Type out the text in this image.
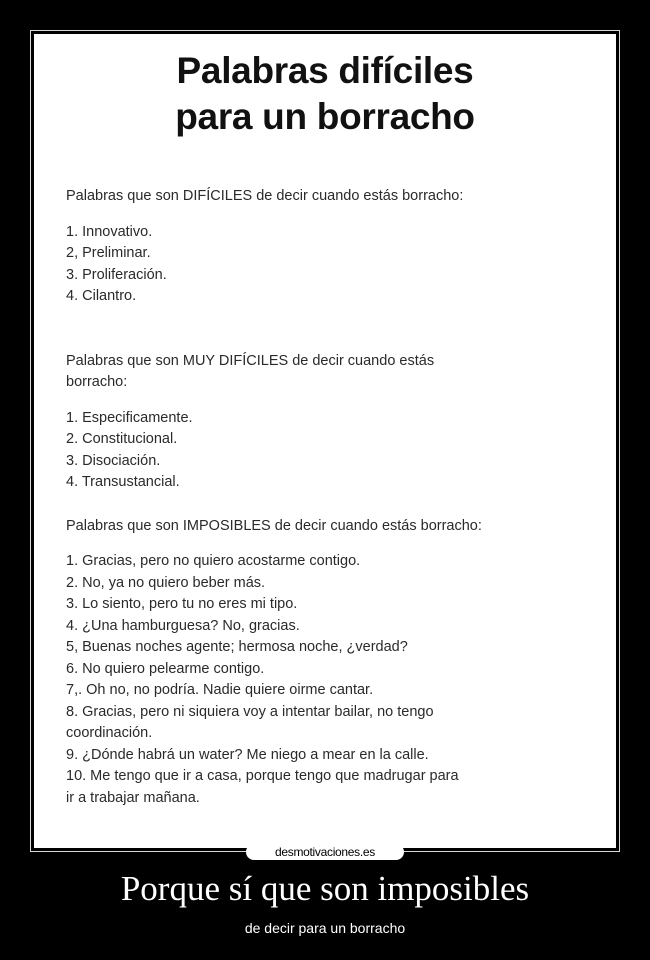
Palabras difíciles
para un borracho

Palabras que son DIFÍCILES de decir cuando estás borracho:

1. Innovativo.
2, Preliminar.
3. Proliferación.
4. Cilantro.

Palabras que son MUY DIFÍCILES de decir cuando estás
borracho:

1. Especificamente.
2. Constitucional.
3. Disociación.
4. Transustancial.

Palabras que son IMPOSIBLES de decir cuando estás borracho:

1. Gracias, pero no quiero acostarme contigo.
2. No, ya no quiero beber más.
3. Lo siento, pero tu no eres mi tipo.
4. ¿Una hamburguesa? No, gracias.
5, Buenas noches agente; hermosa noche, ¿verdad?
6. No quiero pelearme contigo.
7,. Oh no, no podría. Nadie quiere oirme cantar.
8. Gracias, pero ni siquiera voy a intentar bailar, no tengo
coordinación.
9. ¿Dónde habrá un water? Me niego a mear en la calle.
10. Me tengo que ir a casa, porque tengo que madrugar para
ir a trabajar mañana.
desmotivaciones.es
Porque sí que son imposibles
de decir para un borracho
